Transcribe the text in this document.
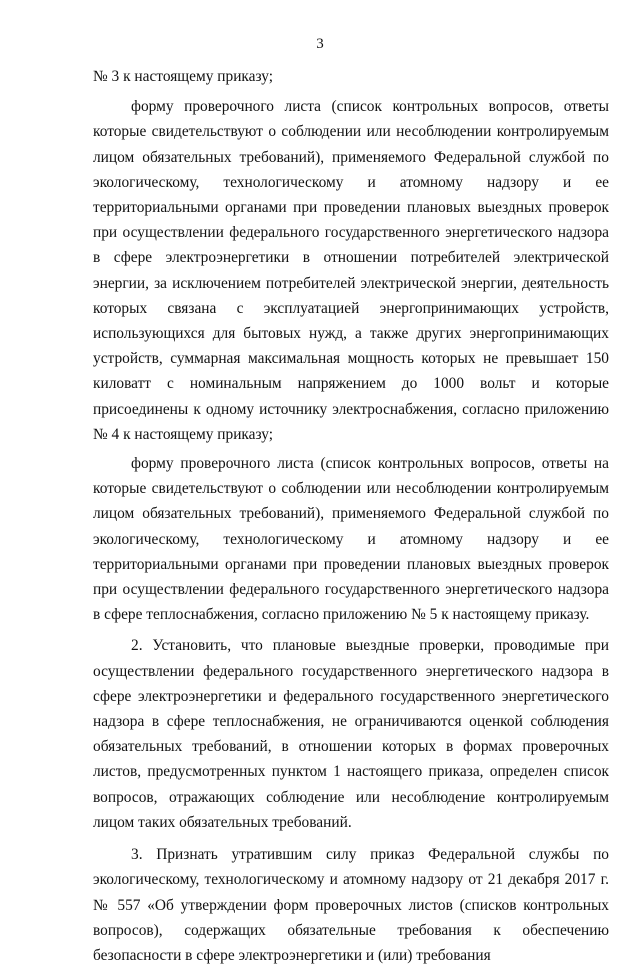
3

№ 3 к настоящему приказу;

форму проверочного листа (список контрольных вопросов, ответы которые свидетельствуют о соблюдении или несоблюдении контролируемым лицом обязательных требований), применяемого Федеральной службой по экологическому, технологическому и атомному надзору и ее территориальными органами при проведении плановых выездных проверок при осуществлении федерального государственного энергетического надзора в сфере электроэнергетики в отношении потребителей электрической энергии, за исключением потребителей электрической энергии, деятельность которых связана с эксплуатацией энергопринимающих устройств, использующихся для бытовых нужд, а также других энергопринимающих устройств, суммарная максимальная мощность которых не превышает 150 киловатт с номинальным напряжением до 1000 вольт и которые присоединены к одному источнику электроснабжения, согласно приложению № 4 к настоящему приказу;

форму проверочного листа (список контрольных вопросов, ответы на которые свидетельствуют о соблюдении или несоблюдении контролируемым лицом обязательных требований), применяемого Федеральной службой по экологическому, технологическому и атомному надзору и ее территориальными органами при проведении плановых выездных проверок при осуществлении федерального государственного энергетического надзора в сфере теплоснабжения, согласно приложению № 5 к настоящему приказу.

2. Установить, что плановые выездные проверки, проводимые при осуществлении федерального государственного энергетического надзора в сфере электроэнергетики и федерального государственного энергетического надзора в сфере теплоснабжения, не ограничиваются оценкой соблюдения обязательных требований, в отношении которых в формах проверочных листов, предусмотренных пунктом 1 настоящего приказа, определен список вопросов, отражающих соблюдение или несоблюдение контролируемым лицом таких обязательных требований.

3. Признать утратившим силу приказ Федеральной службы по экологическому, технологическому и атомному надзору от 21 декабря 2017 г. № 557 «Об утверждении форм проверочных листов (списков контрольных вопросов), содержащих обязательные требования к обеспечению безопасности в сфере электроэнергетики и (или) требования
